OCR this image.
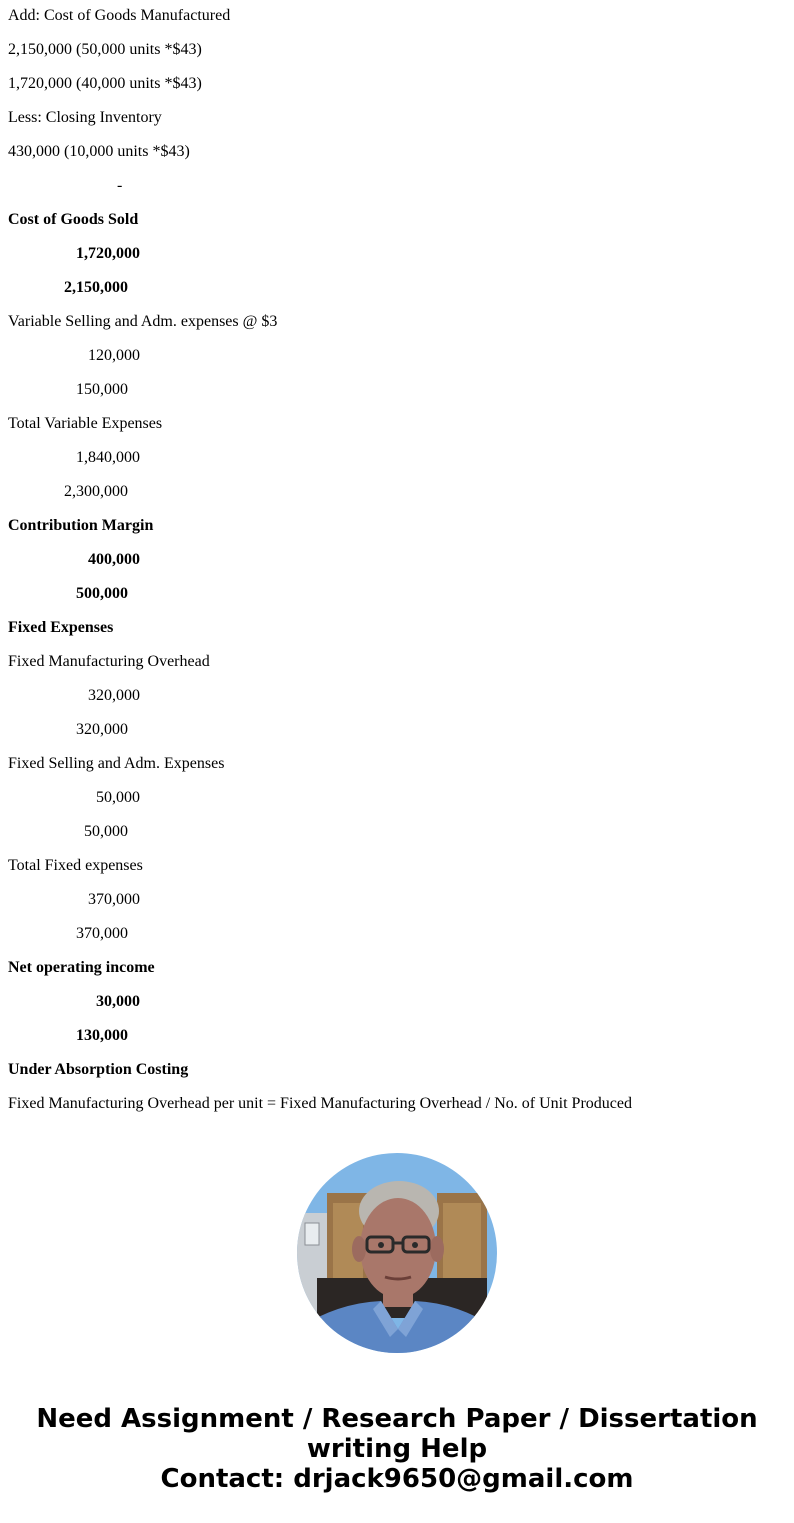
Add: Cost of Goods Manufactured
2,150,000 (50,000 units *$43)
1,720,000 (40,000 units *$43)
Less: Closing Inventory
430,000 (10,000 units *$43)
-
Cost of Goods Sold
1,720,000
2,150,000
Variable Selling and Adm. expenses @ $3
120,000
150,000
Total Variable Expenses
1,840,000
2,300,000
Contribution Margin
400,000
500,000
Fixed Expenses
Fixed Manufacturing Overhead
320,000
320,000
Fixed Selling and Adm. Expenses
50,000
50,000
Total Fixed expenses
370,000
370,000
Net operating income
30,000
130,000
Under Absorption Costing
Fixed Manufacturing Overhead per unit = Fixed Manufacturing Overhead / No. of Unit Produced
Need Assignment / Research Paper / Dissertation
writing Help
Contact: drjack9650@gmail.com
